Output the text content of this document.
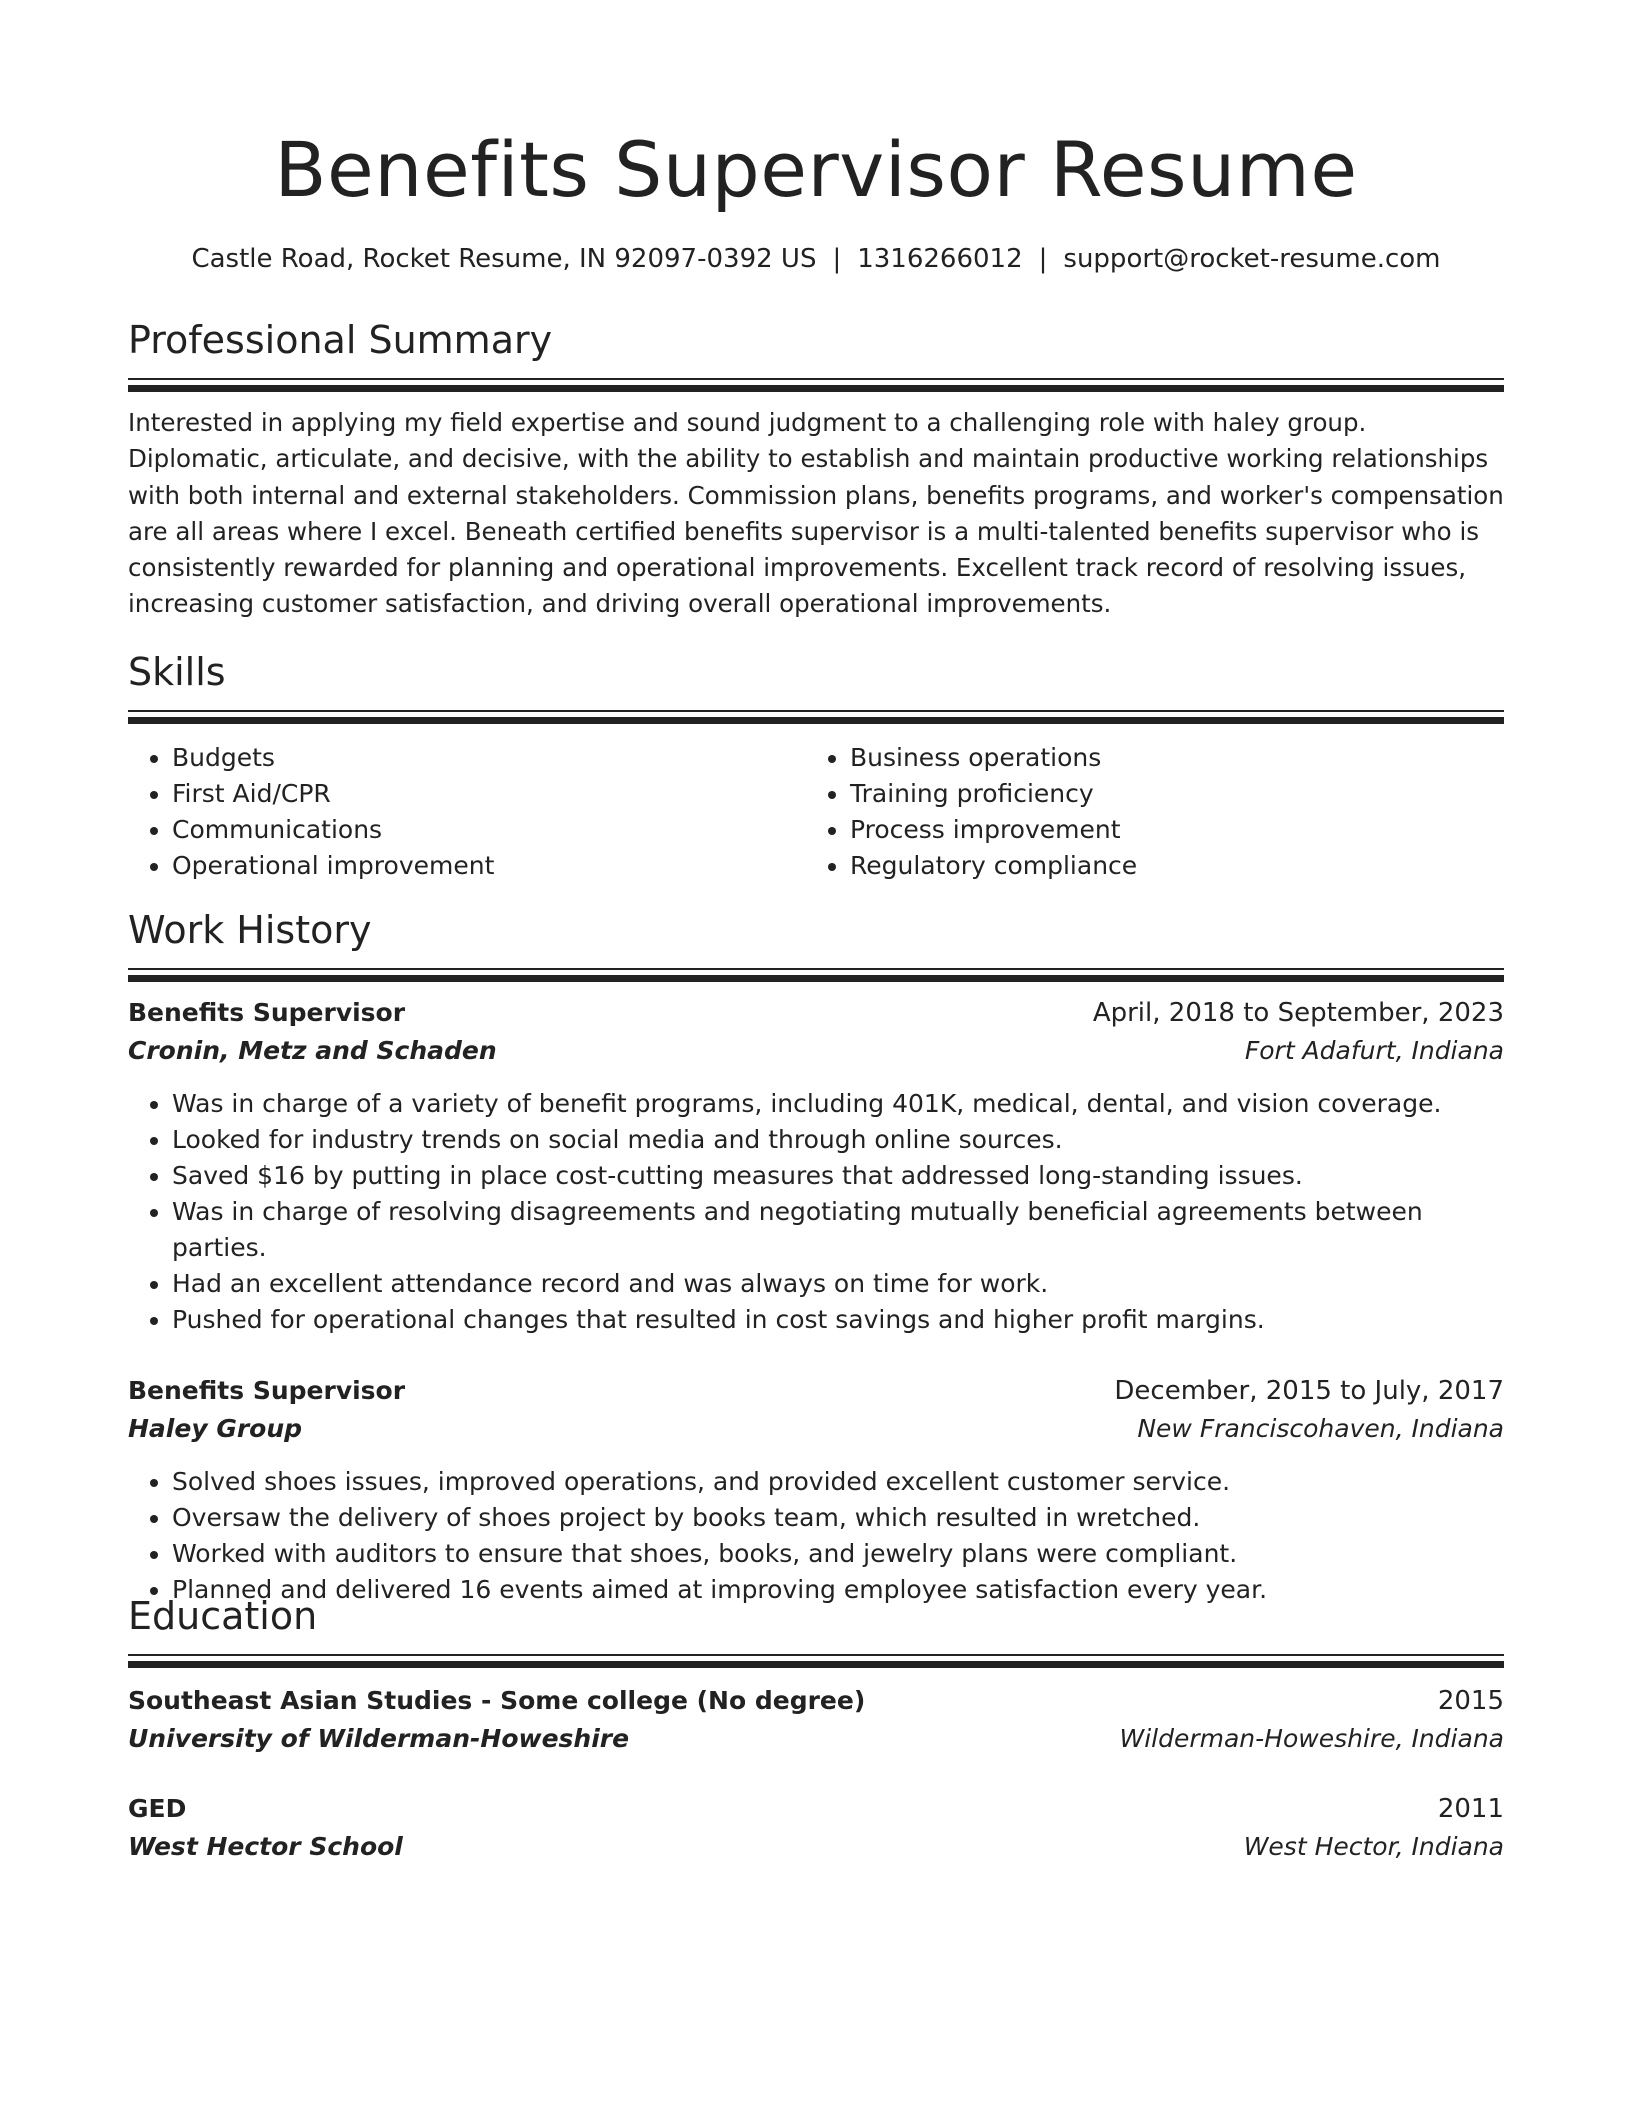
Benefits Supervisor Resume
Castle Road, Rocket Resume, IN 92097-0392 US | 1316266012 | support@rocket-resume.com
Professional Summary

Interested in applying my field expertise and sound judgment to a challenging role with haley group. Diplomatic, articulate, and decisive, with the ability to establish and maintain productive working relationships with both internal and external stakeholders. Commission plans, benefits programs, and worker's compensation are all areas where I excel. Beneath certified benefits supervisor is a multi-talented benefits supervisor who is consistently rewarded for planning and operational improvements. Excellent track record of resolving issues, increasing customer satisfaction, and driving overall operational improvements.

Skills
• Budgets
• First Aid/CPR
• Communications
• Operational improvement
• Business operations
• Training proficiency
• Process improvement
• Regulatory compliance
Work History
Benefits Supervisor	April, 2018 to September, 2023
Cronin, Metz and Schaden	Fort Adafurt, Indiana
• Was in charge of a variety of benefit programs, including 401K, medical, dental, and vision coverage.
• Looked for industry trends on social media and through online sources.
• Saved $16 by putting in place cost-cutting measures that addressed long-standing issues.
• Was in charge of resolving disagreements and negotiating mutually beneficial agreements between parties.
• Had an excellent attendance record and was always on time for work.
• Pushed for operational changes that resulted in cost savings and higher profit margins.
Benefits Supervisor	December, 2015 to July, 2017
Haley Group	New Franciscohaven, Indiana
• Solved shoes issues, improved operations, and provided excellent customer service.
• Oversaw the delivery of shoes project by books team, which resulted in wretched.
• Worked with auditors to ensure that shoes, books, and jewelry plans were compliant.
• Planned and delivered 16 events aimed at improving employee satisfaction every year.
Education
Southeast Asian Studies - Some college (No degree)	2015
University of Wilderman-Howeshire	Wilderman-Howeshire, Indiana
GED	2011
West Hector School	West Hector, Indiana
